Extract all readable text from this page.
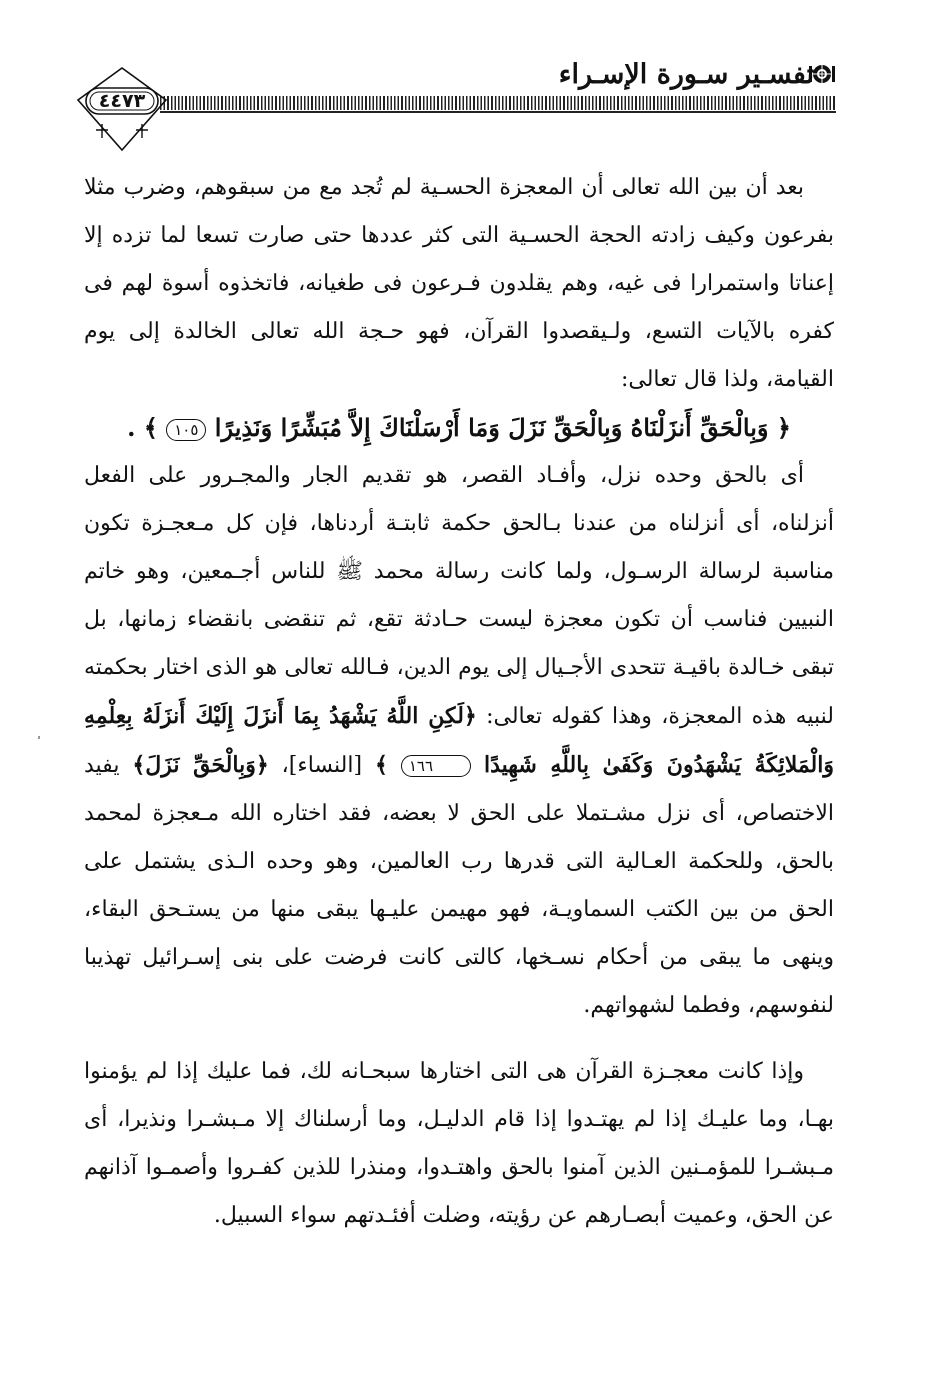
تفسـير سـورة الإسـراء
٤٤٧٣

بعد أن بين الله تعالى أن المعجزة الحسـية لم تُجد مع من سبقوهم، وضرب مثلا بفرعون وكيف زادته الحجة الحسـية التى كثر عددها حتى صارت تسعا لما تزده إلا إعناتا واستمرارا فى غيه، وهم يقلدون فـرعون فى طغيانه، فاتخذوه أسوة لهم فى كفره بالآيات التسع، ولـيقصدوا القرآن، فهو حـجة الله تعالى الخالدة إلى يوم القيامة، ولذا قال تعالى:

﴿ وَبِالْحَقِّ أَنزَلْنَاهُ وَبِالْحَقِّ نَزَلَ وَمَا أَرْسَلْنَاكَ إِلاَّ مُبَشِّرًا وَنَذِيرًا ١٠٥ ﴾ .

أى بالحق وحده نزل، وأفـاد القصر، هو تقديم الجار والمجـرور على الفعل أنزلناه، أى أنزلناه من عندنا بـالحق حكمة ثابتـة أردناها، فإن كل مـعجـزة تكون مناسبة لرسالة الرسـول، ولما كانت رسالة محمد ﷺ للناس أجـمعين، وهو خاتم النبيين فناسب أن تكون معجزة ليست حـادثة تقع، ثم تنقضى بانقضاء زمانها، بل تبقى خـالدة باقيـة تتحدى الأجـيال إلى يوم الدين، فـالله تعالى هو الذى اختار بحكمته لنبيه هذه المعجزة، وهذا كقوله تعالى: ﴿لَكِنِ اللَّهُ يَشْهَدُ بِمَا أَنزَلَ إِلَيْكَ أَنزَلَهُ بِعِلْمِهِ وَالْمَلائِكَةُ يَشْهَدُونَ وَكَفَىٰ بِاللَّهِ شَهِيدًا ١٦٦ ﴾ [النساء]، ﴿وَبِالْحَقِّ نَزَلَ﴾ يفيد الاختصاص، أى نزل مشـتملا على الحق لا بعضه، فقد اختاره الله مـعجزة لمحمد بالحق، وللحكمة العـالية التى قدرها رب العالمين، وهو وحده الـذى يشتمل على الحق من بين الكتب السماويـة، فهو مهيمن عليـها يبقى منها من يستـحق البقاء، وينهى ما يبقى من أحكام نسـخها، كالتى كانت فرضت على بنى إسـرائيل تهذيبا لنفوسهم، وفطما لشهواتهم.

وإذا كانت معجـزة القرآن هى التى اختارها سبحـانه لك، فما عليك إذا لم يؤمنوا بهـا، وما عليـك إذا لم يهتـدوا إذا قام الدليـل، وما أرسلناك إلا مـبشـرا ونذيرا، أى مـبشـرا للمؤمـنين الذين آمنوا بالحق واهتـدوا، ومنذرا للذين كفـروا وأصمـوا آذانهم عن الحق، وعميت أبصـارهم عن رؤيته، وضلت أفئـدتهم سواء السبيل.
